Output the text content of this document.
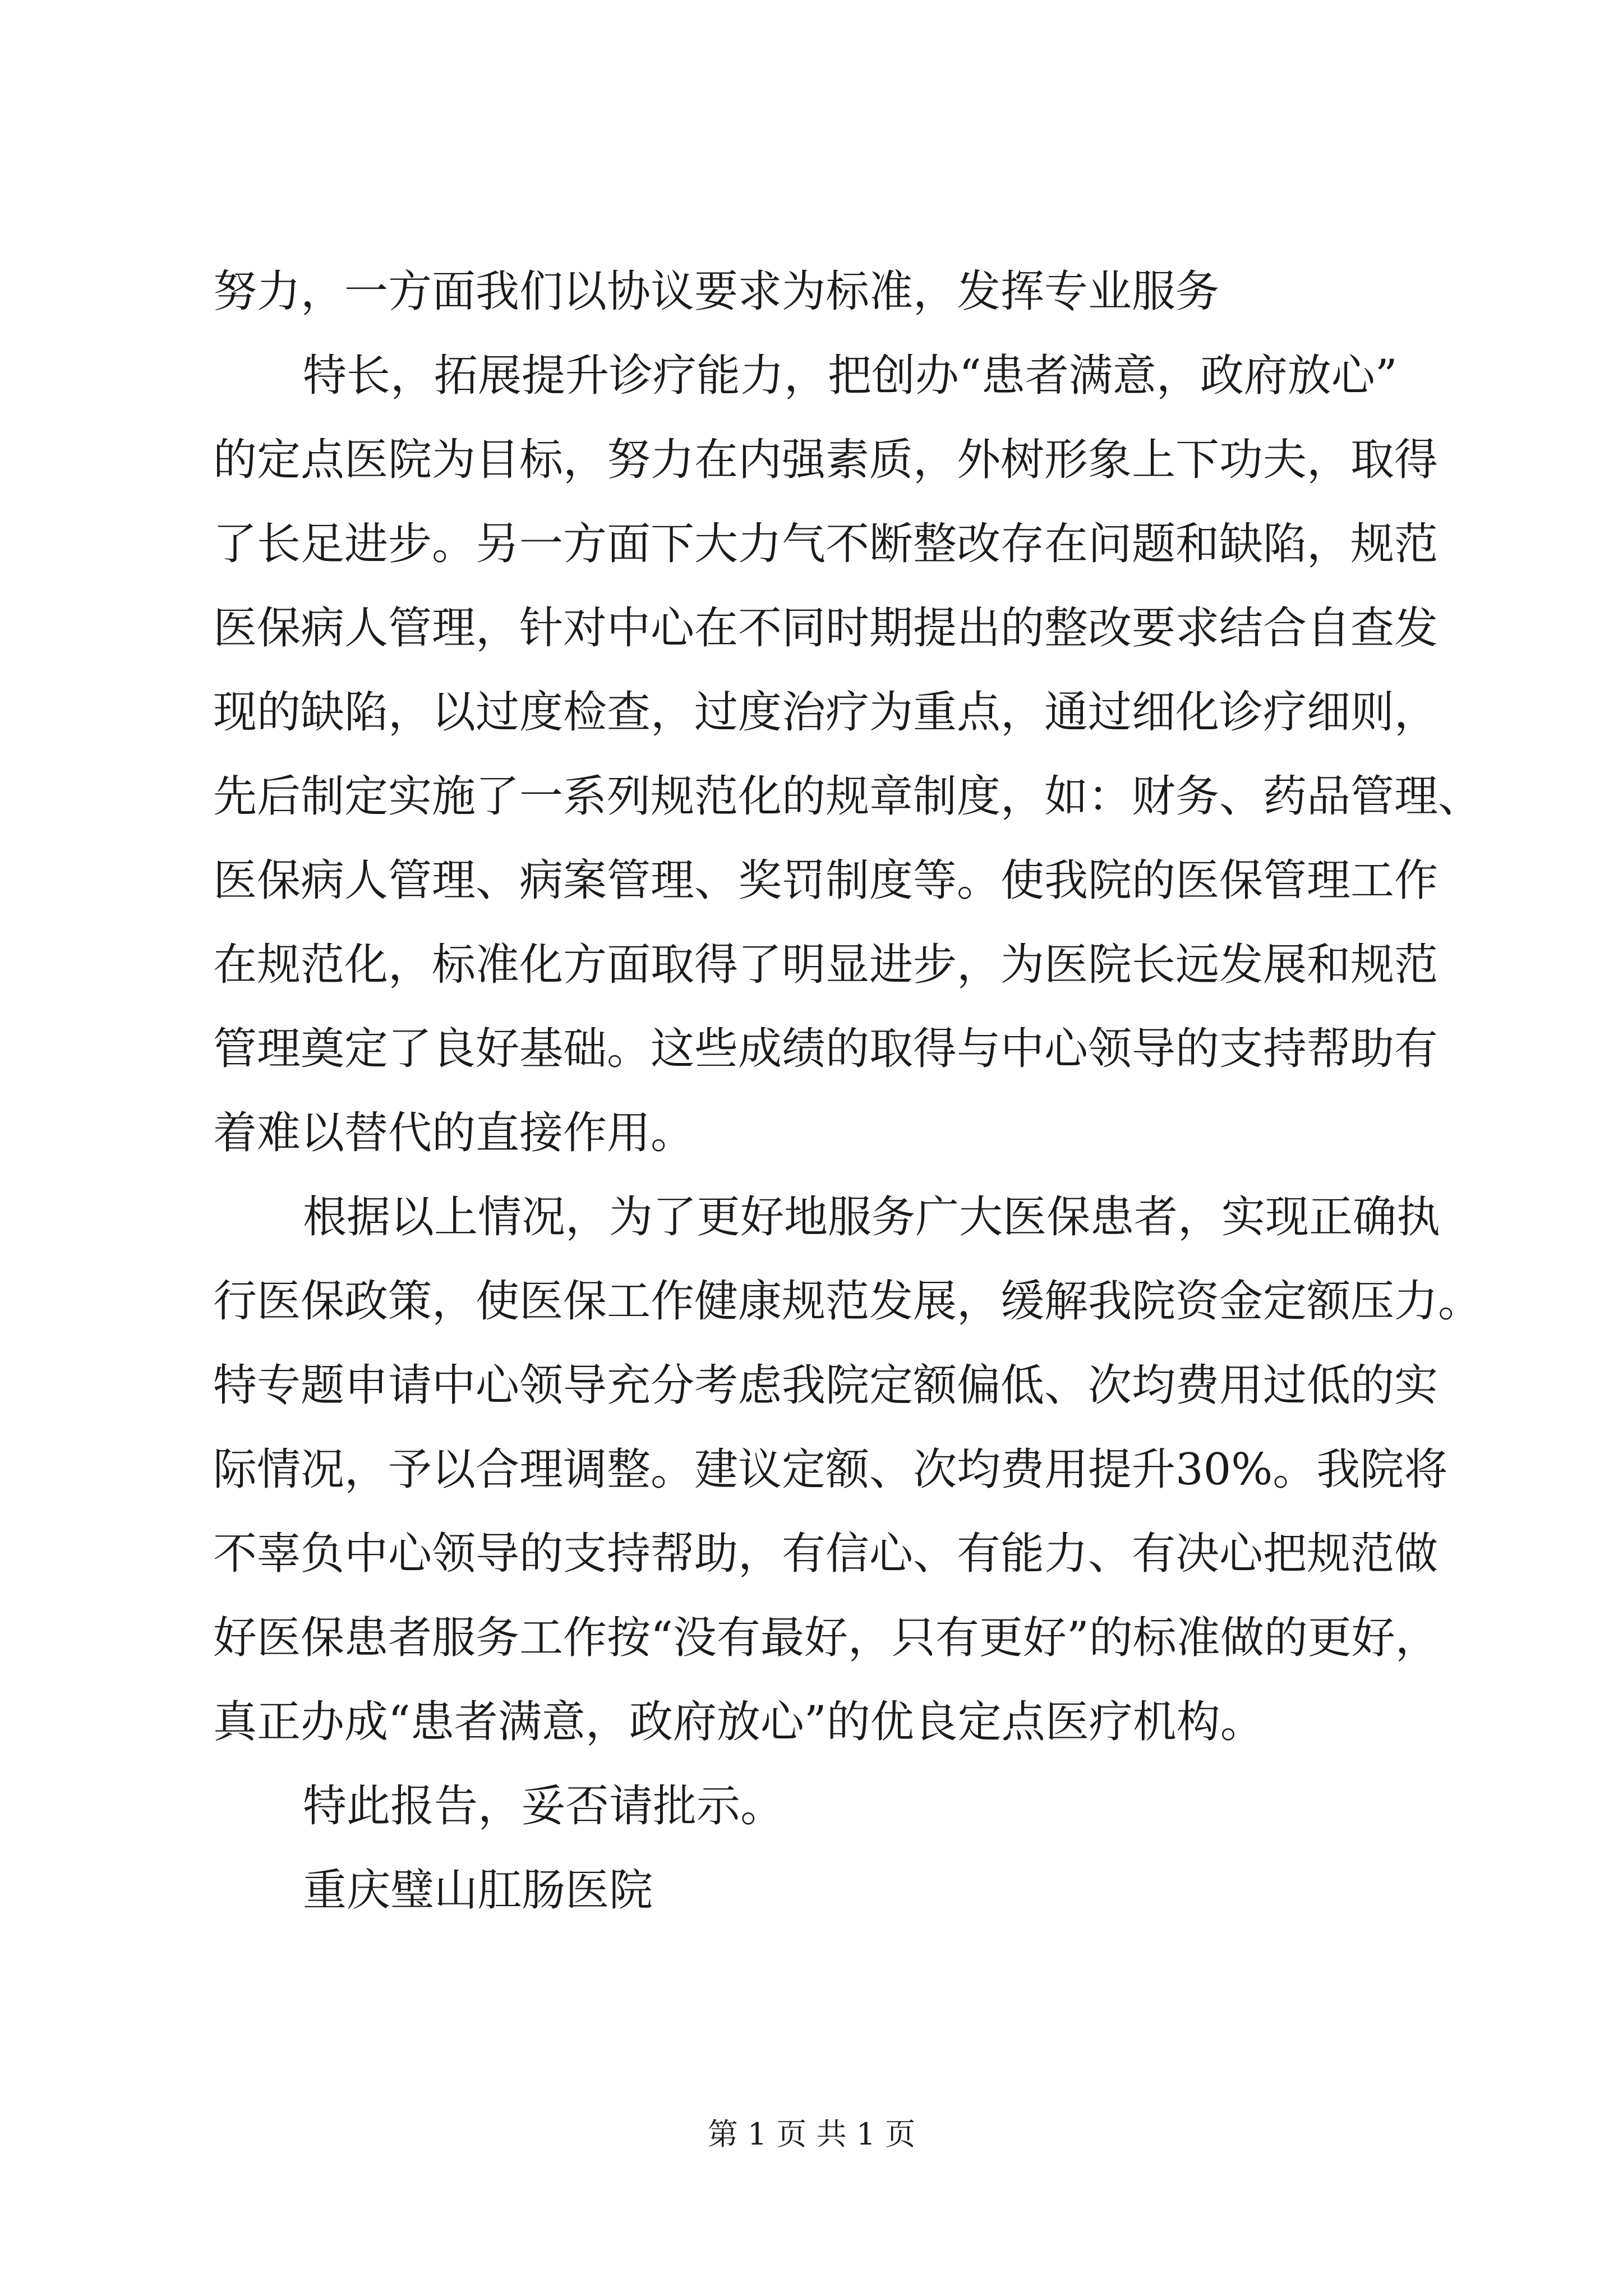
努力，一方面我们以协议要求为标准，发挥专业服务
特长，拓展提升诊疗能力，把创办“患者满意，政府放心”
的定点医院为目标，努力在内强素质，外树形象上下功夫，取得
了长足进步。另一方面下大力气不断整改存在问题和缺陷，规范
医保病人管理，针对中心在不同时期提出的整改要求结合自查发
现的缺陷，以过度检查，过度治疗为重点，通过细化诊疗细则，
先后制定实施了一系列规范化的规章制度，如：财务、药品管理、
医保病人管理、病案管理、奖罚制度等。使我院的医保管理工作
在规范化，标准化方面取得了明显进步，为医院长远发展和规范
管理奠定了良好基础。这些成绩的取得与中心领导的支持帮助有
着难以替代的直接作用。
根据以上情况，为了更好地服务广大医保患者，实现正确执
行医保政策，使医保工作健康规范发展，缓解我院资金定额压力。
特专题申请中心领导充分考虑我院定额偏低、次均费用过低的实
际情况，予以合理调整。建议定额、次均费用提升30%。我院将
不辜负中心领导的支持帮助，有信心、有能力、有决心把规范做
好医保患者服务工作按“没有最好，只有更好”的标准做的更好，
真正办成“患者满意，政府放心”的优良定点医疗机构。
特此报告，妥否请批示。
重庆璧山肛肠医院
第 1 页 共 1 页
